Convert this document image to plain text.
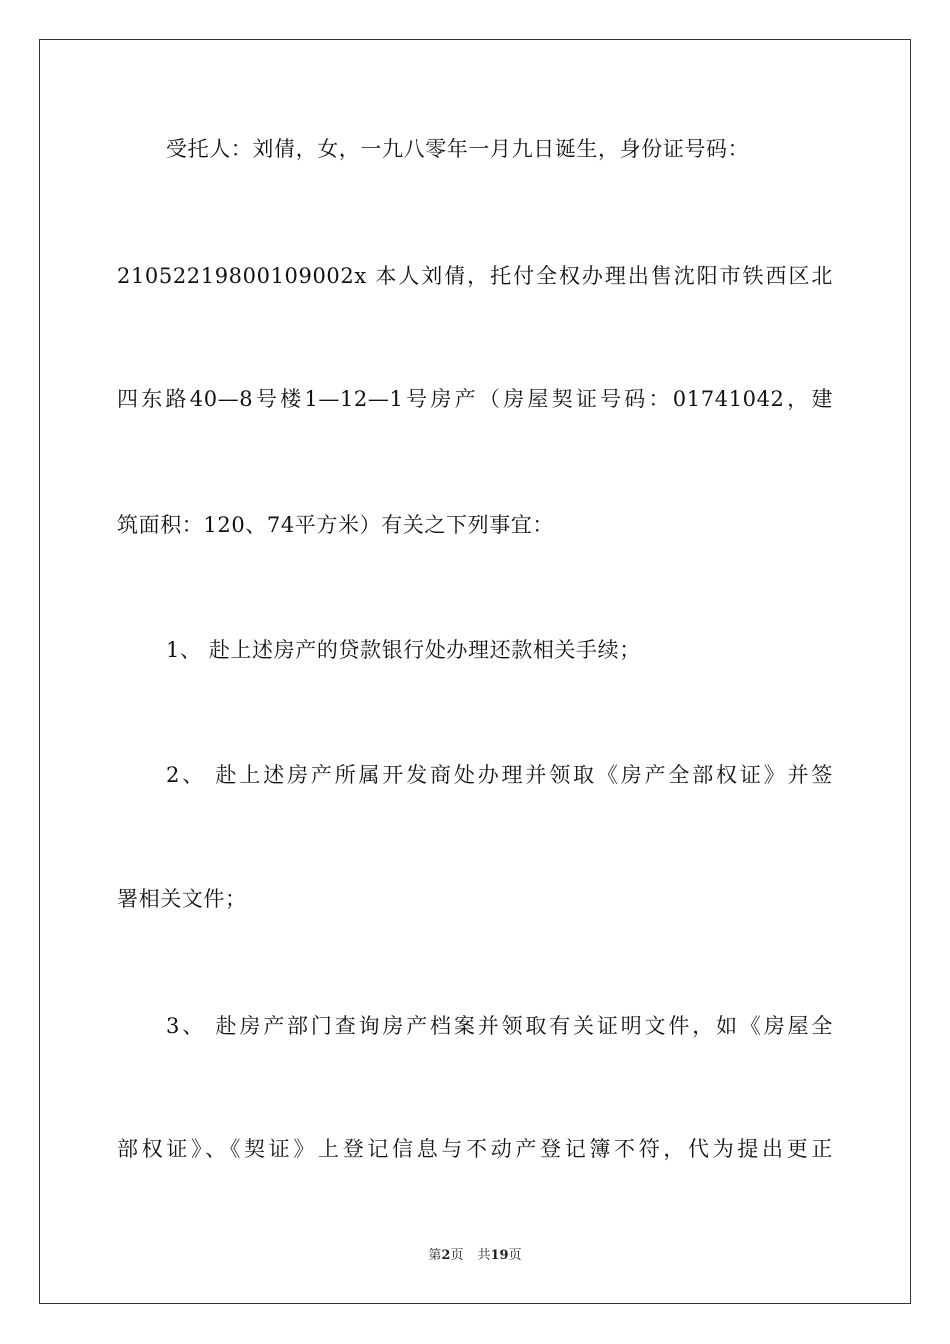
受托人：刘倩，女，一九八零年一月九日诞生，身份证号码：
21052219800109002x 本人刘倩，托付全权办理出售沈阳市铁西区北
四东路40—8号楼1—12—1号房产（房屋契证号码：01741042，建
筑面积：120、74平方米）有关之下列事宜：
1、 赴上述房产的贷款银行处办理还款相关手续；
2、 赴上述房产所属开发商处办理并领取《房产全部权证》并签
署相关文件；
3、 赴房产部门查询房产档案并领取有关证明文件，如《房屋全
部权证》、《契证》上登记信息与不动产登记簿不符，代为提出更正
第2页 共19页
